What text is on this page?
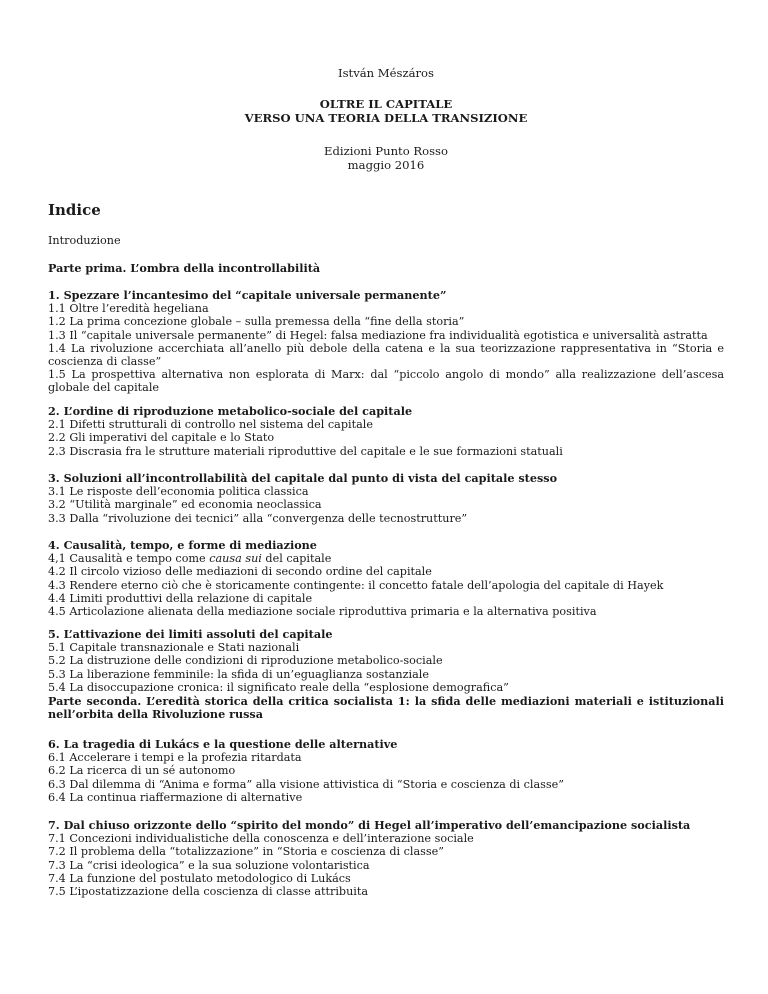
István Mészáros
OLTRE IL CAPITALE
VERSO UNA TEORIA DELLA TRANSIZIONE
Edizioni Punto Rosso
maggio 2016
Indice
Introduzione
Parte prima. L’ombra della incontrollabilità
1. Spezzare l’incantesimo del “capitale universale permanente”
1.1 Oltre l’eredità hegeliana
1.2 La prima concezione globale – sulla premessa della “fine della storia”
1.3 Il “capitale universale permanente” di Hegel: falsa mediazione fra individualità egotistica e universalità astratta
1.4 La rivoluzione accerchiata all’anello più debole della catena e la sua teorizzazione rappresentativa in “Storia e coscienza di classe”
1.5 La prospettiva alternativa non esplorata di Marx: dal “piccolo angolo di mondo” alla realizzazione dell’ascesa globale del capitale
2. L’ordine di riproduzione metabolico-sociale del capitale
2.1 Difetti strutturali di controllo nel sistema del capitale
2.2 Gli imperativi del capitale e lo Stato
2.3 Discrasia fra le strutture materiali riproduttive del capitale e le sue formazioni statuali
3. Soluzioni all’incontrollabilità del capitale dal punto di vista del capitale stesso
3.1 Le risposte dell’economia politica classica
3.2 “Utilità marginale” ed economia neoclassica
3.3 Dalla “rivoluzione dei tecnici” alla “convergenza delle tecnostrutture”
4. Causalità, tempo, e forme di mediazione
4,1 Causalità e tempo come causa sui del capitale
4.2 Il circolo vizioso delle mediazioni di secondo ordine del capitale
4.3 Rendere eterno ciò che è storicamente contingente: il concetto fatale dell’apologia del capitale di Hayek
4.4 Limiti produttivi della relazione di capitale
4.5 Articolazione alienata della mediazione sociale riproduttiva primaria e la alternativa positiva
5. L’attivazione dei limiti assoluti del capitale
5.1 Capitale transnazionale e Stati nazionali
5.2 La distruzione delle condizioni di riproduzione metabolico-sociale
5.3 La liberazione femminile: la sfida di un’eguaglianza sostanziale
5.4 La disoccupazione cronica: il significato reale della “esplosione demografica”
Parte seconda. L’eredità storica della critica socialista 1: la sfida delle mediazioni materiali e istituzionali nell’orbita della Rivoluzione russa
6. La tragedia di Lukács e la questione delle alternative
6.1 Accelerare i tempi e la profezia ritardata
6.2 La ricerca di un sé autonomo
6.3 Dal dilemma di “Anima e forma” alla visione attivistica di “Storia e coscienza di classe”
6.4 La continua riaffermazione di alternative
7. Dal chiuso orizzonte dello “spirito del mondo” di Hegel all’imperativo dell’emancipazione socialista
7.1 Concezioni individualistiche della conoscenza e dell’interazione sociale
7.2 Il problema della “totalizzazione” in “Storia e coscienza di classe”
7.3 La “crisi ideologica” e la sua soluzione volontaristica
7.4 La funzione del postulato metodologico di Lukács
7.5 L’ipostatizzazione della coscienza di classe attribuita
